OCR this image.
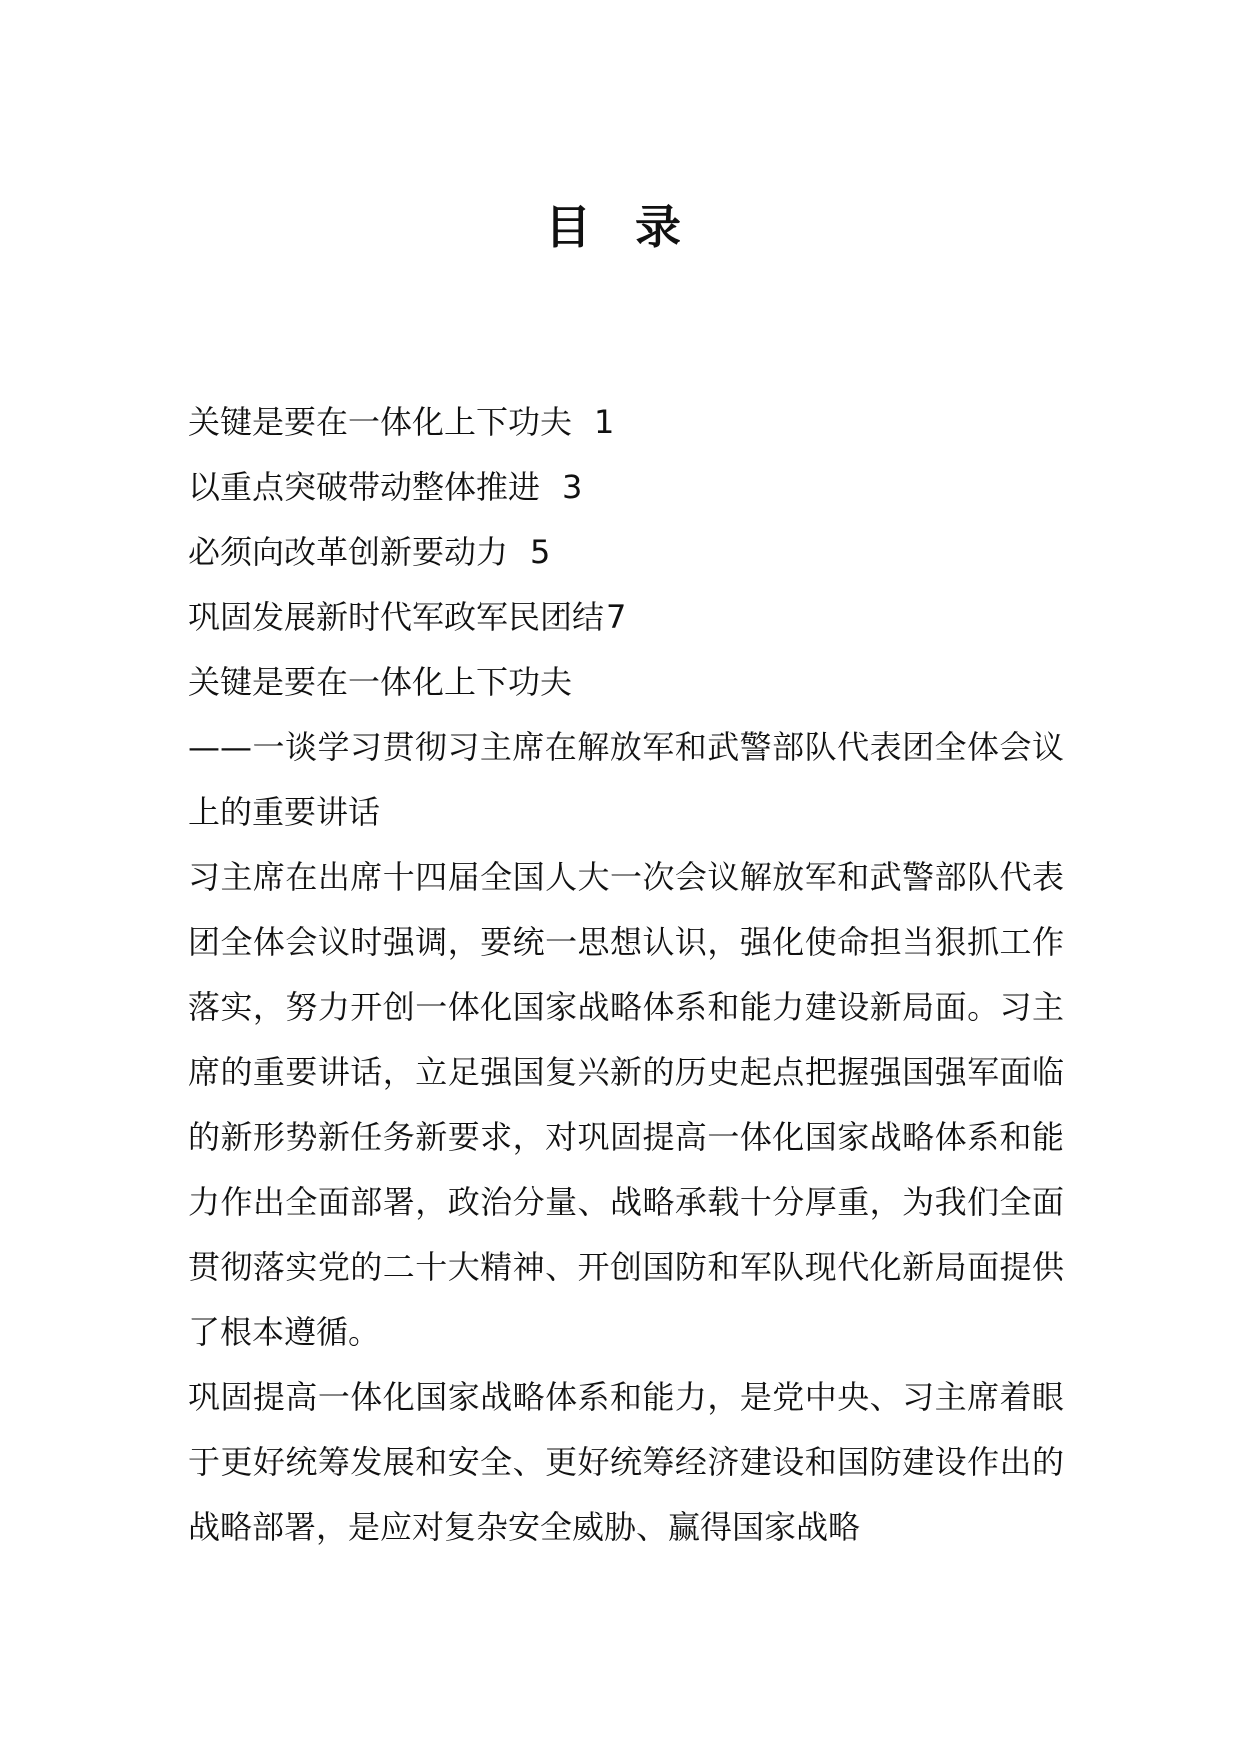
目 录
关键是要在一体化上下功夫 1
以重点突破带动整体推进 3
必须向改革创新要动力 5
巩固发展新时代军政军民团结7
关键是要在一体化上下功夫
——一谈学习贯彻习主席在解放军和武警部队代表团全体会议上的重要讲话
习主席在出席十四届全国人大一次会议解放军和武警部队代表团全体会议时强调，要统一思想认识，强化使命担当狠抓工作落实，努力开创一体化国家战略体系和能力建设新局面。习主席的重要讲话，立足强国复兴新的历史起点把握强国强军面临的新形势新任务新要求，对巩固提高一体化国家战略体系和能力作出全面部署，政治分量、战略承载十分厚重，为我们全面贯彻落实党的二十大精神、开创国防和军队现代化新局面提供了根本遵循。
巩固提高一体化国家战略体系和能力，是党中央、习主席着眼于更好统筹发展和安全、更好统筹经济建设和国防建设作出的战略部署，是应对复杂安全威胁、赢得国家战略
